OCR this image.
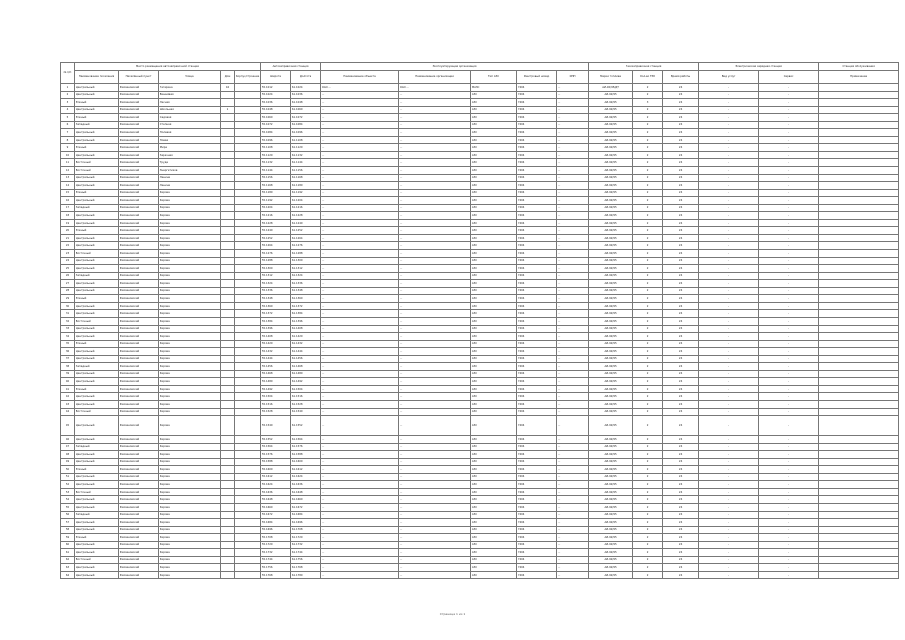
№ п/п	Место размещения автозаправочной станции					Автозаправочная станция		Эксплуатирующая организация					Газозаправочная станция			Электрическая зарядная станция		Станция обслуживания
	Наименование поселения	Населённый пункт	Улица	Дом	Корпус/строение	Широта	Долгота	Наименование объекта	Наименование организации	Тип АЗС	Реестровый номер	ИНН	Марки топлива	Кол-во ТРК	Время работы	Вид услуг	Сервис	Примечание
1	Центральный	Рахмановский	Гагарина	16		55.1012	61.1024	ОАО ...	ОАО ...	МАЗС	7404	...	АИ-92/95/ДТ	2	24	-	-	
2	Центральный	Рахмановский	Вишнёвая			55.1024	61.1036	...	...	АЗС	7404	...	АИ-92/95	2	24	-	-	
3	Южный	Рахмановский	Лесная			55.1036	61.1048	...	...	АЗС	7404	...	АИ-92/95	3	24	-	-	
4	Центральный	Рахмановский	Школьная	1		55.1048	61.1060	...	...	АЗС	7404	...	АИ-92/95	2	24	-	-	
5	Южный	Рахмановский	Садовая			55.1060	61.1072	...	...	АЗС	7404	...	АИ-92/95	2	24	-	-	
6	Западный	Рахмановский	Степная			55.1072	61.1084	...	...	АЗС	7404	...	АИ-92/95	2	24	-	-	
7	Центральный	Рахмановский	Полевая			55.1084	61.1096	...	...	АЗС	7404	...	АИ-92/95	2	24	-	-	
8	Центральный	Рахмановский	Новая			55.1096	61.1108	...	...	АЗС	7404	...	АИ-92/95	2	24	-	-	
9	Южный	Рахмановский	Мира			55.1108	61.1120	...	...	АЗС	7404	...	АИ-92/95	2	24	-	-	
10	Центральный	Рахмановский	Заречная			55.1120	61.1132	...	...	АЗС	7404	...	АИ-92/95	2	24	-	-	
11	Восточный	Рахмановский	Труда			55.1132	61.1144	...	...	АЗС	7404	...	АИ-92/95	2	24	-	-	
12	Восточный	Рахмановский	Энергетиков			55.1144	61.1156	...	...	АЗС	7404	...	АИ-92/95	2	24	-	-	
13	Центральный	Рахмановский	Ленина			55.1156	61.1168	...	...	АЗС	7404	...	АИ-92/95	2	24	-	-	
14	Центральный	Рахмановский	Ленина			55.1168	61.1180	...	...	АЗС	7404	...	АИ-92/95	2	24	-	-	
15	Южный	Рахмановский	Кирова			55.1180	61.1192	...	...	АЗС	7404	...	АИ-92/95	2	24	-	-	
16	Центральный	Рахмановский	Кирова			55.1192	61.1204	...	...	АЗС	7404	...	АИ-92/95	2	24	-	-	
17	Западный	Рахмановский	Кирова			55.1204	61.1216	...	...	АЗС	7404	...	АИ-92/95	2	24	-	-	
18	Центральный	Рахмановский	Кирова			55.1216	61.1228	...	...	АЗС	7404	...	АИ-92/95	2	24	-	-	
19	Центральный	Рахмановский	Кирова			55.1228	61.1240	...	...	АЗС	7404	...	АИ-92/95	2	24	-	-	
20	Южный	Рахмановский	Кирова			55.1240	61.1252	...	...	АЗС	7404	...	АИ-92/95	2	24	-	-	
21	Центральный	Рахмановский	Кирова			55.1252	61.1264	...	...	АЗС	7404	...	АИ-92/95	2	24	-	-	
22	Центральный	Рахмановский	Кирова			55.1264	61.1276	...	...	АЗС	7404	...	АИ-92/95	2	24	-	-	
23	Восточный	Рахмановский	Кирова			55.1276	61.1288	...	...	АЗС	7404	...	АИ-92/95	2	24	-	-	
24	Центральный	Рахмановский	Кирова			55.1288	61.1300	...	...	АЗС	7404	...	АИ-92/95	2	24	-	-	
25	Центральный	Рахмановский	Кирова			55.1300	61.1312	...	...	АЗС	7404	...	АИ-92/95	2	24	-	-	
26	Западный	Рахмановский	Кирова			55.1312	61.1324	...	...	АЗС	7404	...	АИ-92/95	2	24	-	-	
27	Центральный	Рахмановский	Кирова			55.1324	61.1336	...	...	АЗС	7404	...	АИ-92/95	2	24	-	-	
28	Центральный	Рахмановский	Кирова			55.1336	61.1348	...	...	АЗС	7404	...	АИ-92/95	2	24	-	-	
29	Южный	Рахмановский	Кирова			55.1348	61.1360	...	...	АЗС	7404	...	АИ-92/95	2	24	-	-	
30	Центральный	Рахмановский	Кирова			55.1360	61.1372	...	...	АЗС	7404	...	АИ-92/95	2	24	-	-	
31	Центральный	Рахмановский	Кирова			55.1372	61.1384	...	...	АЗС	7404	...	АИ-92/95	2	24	-	-	
32	Восточный	Рахмановский	Кирова			55.1384	61.1396	...	...	АЗС	7404	...	АИ-92/95	2	24	-	-	
33	Центральный	Рахмановский	Кирова			55.1396	61.1408	...	...	АЗС	7404	...	АИ-92/95	2	24	-	-	
34	Центральный	Рахмановский	Кирова			55.1408	61.1420	...	...	АЗС	7404	...	АИ-92/95	2	24	-	-	
35	Южный	Рахмановский	Кирова			55.1420	61.1432	...	...	АЗС	7404	...	АИ-92/95	2	24	-	-	
36	Центральный	Рахмановский	Кирова			55.1432	61.1444	...	...	АЗС	7404	...	АИ-92/95	2	24	-	-	
37	Центральный	Рахмановский	Кирова			55.1444	61.1456	...	...	АЗС	7404	...	АИ-92/95	2	24	-	-	
38	Западный	Рахмановский	Кирова			55.1456	61.1468	...	...	АЗС	7404	...	АИ-92/95	2	24	-	-	
39	Центральный	Рахмановский	Кирова			55.1468	61.1480	...	...	АЗС	7404	...	АИ-92/95	2	24	-	-	
40	Центральный	Рахмановский	Кирова			55.1480	61.1492	...	...	АЗС	7404	...	АИ-92/95	2	24	-	-	
41	Южный	Рахмановский	Кирова			55.1492	61.1504	...	...	АЗС	7404	...	АИ-92/95	2	24	-	-	
42	Центральный	Рахмановский	Кирова			55.1504	61.1516	...	...	АЗС	7404	...	АИ-92/95	2	24	-	-	
43	Центральный	Рахмановский	Кирова			55.1516	61.1528	...	...	АЗС	7404	...	АИ-92/95	2	24	-	-	
44	Восточный	Рахмановский	Кирова			55.1528	61.1540	...	...	АЗС	7404	...	АИ-92/95	2	24	-	-	
45	Центральный	Рахмановский	Кирова			55.1540	61.1552	...	...	АЗС	7404	...	АИ-92/95	2	24	-	-	
46	Центральный	Рахмановский	Кирова			55.1552	61.1564	...	...	АЗС	7404	...	АИ-92/95	2	24	-	-	
47	Западный	Рахмановский	Кирова			55.1564	61.1576	...	...	АЗС	7404	...	АИ-92/95	2	24	-	-	
48	Центральный	Рахмановский	Кирова			55.1576	61.1588	...	...	АЗС	7404	...	АИ-92/95	2	24	-	-	
49	Центральный	Рахмановский	Кирова			55.1588	61.1600	...	...	АЗС	7404	...	АИ-92/95	2	24	-	-	
50	Южный	Рахмановский	Кирова			55.1600	61.1612	...	...	АЗС	7404	...	АИ-92/95	2	24	-	-	
51	Центральный	Рахмановский	Кирова			55.1612	61.1624	...	...	АЗС	7404	...	АИ-92/95	2	24	-	-	
52	Центральный	Рахмановский	Кирова			55.1624	61.1636	...	...	АЗС	7404	...	АИ-92/95	2	24	-	-	
53	Восточный	Рахмановский	Кирова			55.1636	61.1648	...	...	АЗС	7404	...	АИ-92/95	2	24	-	-	
54	Центральный	Рахмановский	Кирова			55.1648	61.1660	...	...	АЗС	7404	...	АИ-92/95	2	24	-	-	
55	Центральный	Рахмановский	Кирова			55.1660	61.1672	...	...	АЗС	7404	...	АИ-92/95	2	24	-	-	
56	Западный	Рахмановский	Кирова			55.1672	61.1684	...	...	АЗС	7404	...	АИ-92/95	2	24	-	-	
57	Центральный	Рахмановский	Кирова			55.1684	61.1696	...	...	АЗС	7404	...	АИ-92/95	2	24	-	-	
58	Центральный	Рахмановский	Кирова			55.1696	61.1708	...	...	АЗС	7404	...	АИ-92/95	2	24	-	-	
59	Южный	Рахмановский	Кирова			55.1708	61.1720	...	...	АЗС	7404	...	АИ-92/95	2	24	-	-	
60	Центральный	Рахмановский	Кирова			55.1720	61.1732	...	...	АЗС	7404	...	АИ-92/95	2	24	-	-	
61	Центральный	Рахмановский	Кирова			55.1732	61.1744	...	...	АЗС	7404	...	АИ-92/95	2	24	-	-	
62	Восточный	Рахмановский	Кирова			55.1744	61.1756	...	...	АЗС	7404	...	АИ-92/95	2	24	-	-	
63	Центральный	Рахмановский	Кирова			55.1756	61.1768	...	...	АЗС	7404	...	АИ-92/95	2	24	-	-	
64	Центральный	Рахмановский	Кирова			55.1768	61.1780	...	...	АЗС	7404	...	АИ-92/95	2	24	-	-	
Страница 1 из 1
